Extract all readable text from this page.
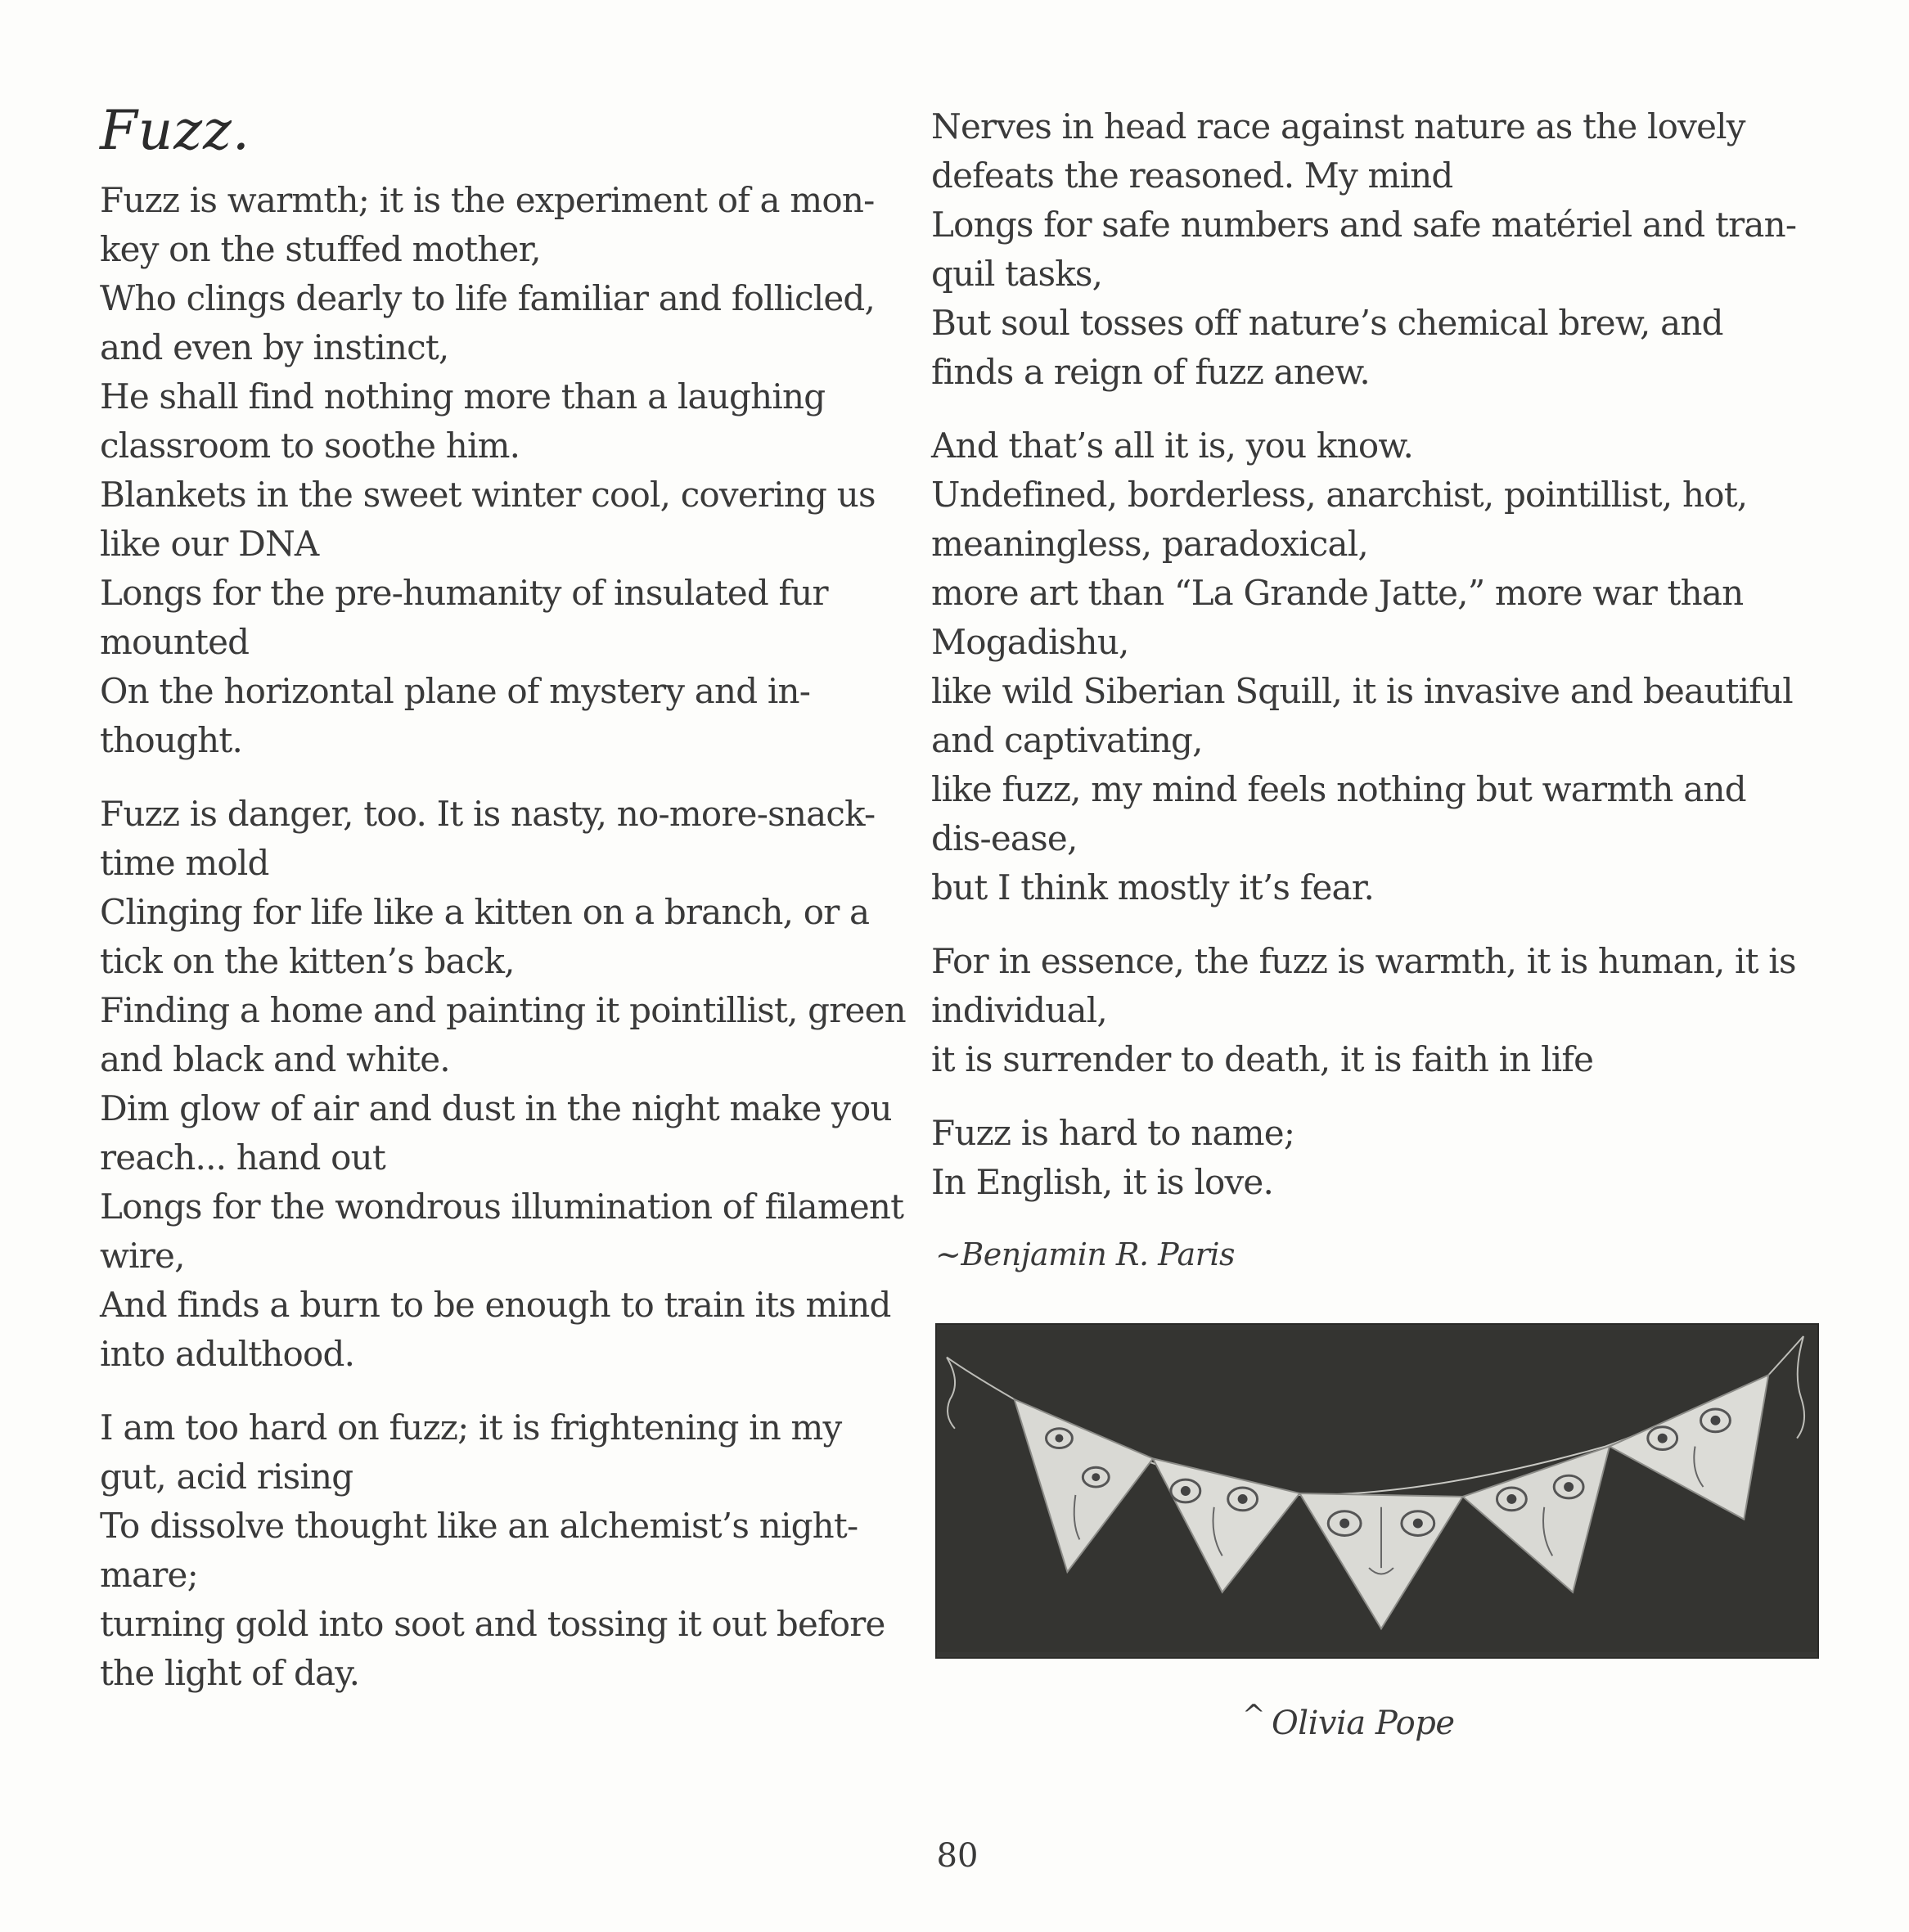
Fuzz.
Fuzz is warmth; it is the experiment of a mon-
key on the stuffed mother,
Who clings dearly to life familiar and follicled,
and even by instinct,
He shall find nothing more than a laughing
classroom to soothe him.
Blankets in the sweet winter cool, covering us
like our DNA
Longs for the pre-humanity of insulated fur
mounted
On the horizontal plane of mystery and in-
thought.
Fuzz is danger, too. It is nasty, no-more-snack-
time mold
Clinging for life like a kitten on a branch, or a
tick on the kitten’s back,
Finding a home and painting it pointillist, green
and black and white.
Dim glow of air and dust in the night make you
reach... hand out
Longs for the wondrous illumination of filament
wire,
And finds a burn to be enough to train its mind
into adulthood.
I am too hard on fuzz; it is frightening in my
gut, acid rising
To dissolve thought like an alchemist’s night-
mare;
turning gold into soot and tossing it out before
the light of day.
Nerves in head race against nature as the lovely
defeats the reasoned. My mind
Longs for safe numbers and safe matériel and tran-
quil tasks,
But soul tosses off nature’s chemical brew, and
finds a reign of fuzz anew.
And that’s all it is, you know.
Undefined, borderless, anarchist, pointillist, hot,
meaningless, paradoxical,
more art than “La Grande Jatte,” more war than
Mogadishu,
like wild Siberian Squill, it is invasive and beautiful
and captivating,
like fuzz, my mind feels nothing but warmth and
dis-ease,
but I think mostly it’s fear.
For in essence, the fuzz is warmth, it is human, it is
individual,
it is surrender to death, it is faith in life
Fuzz is hard to name;
In English, it is love.
~Benjamin R. Paris
^ Olivia Pope
80
